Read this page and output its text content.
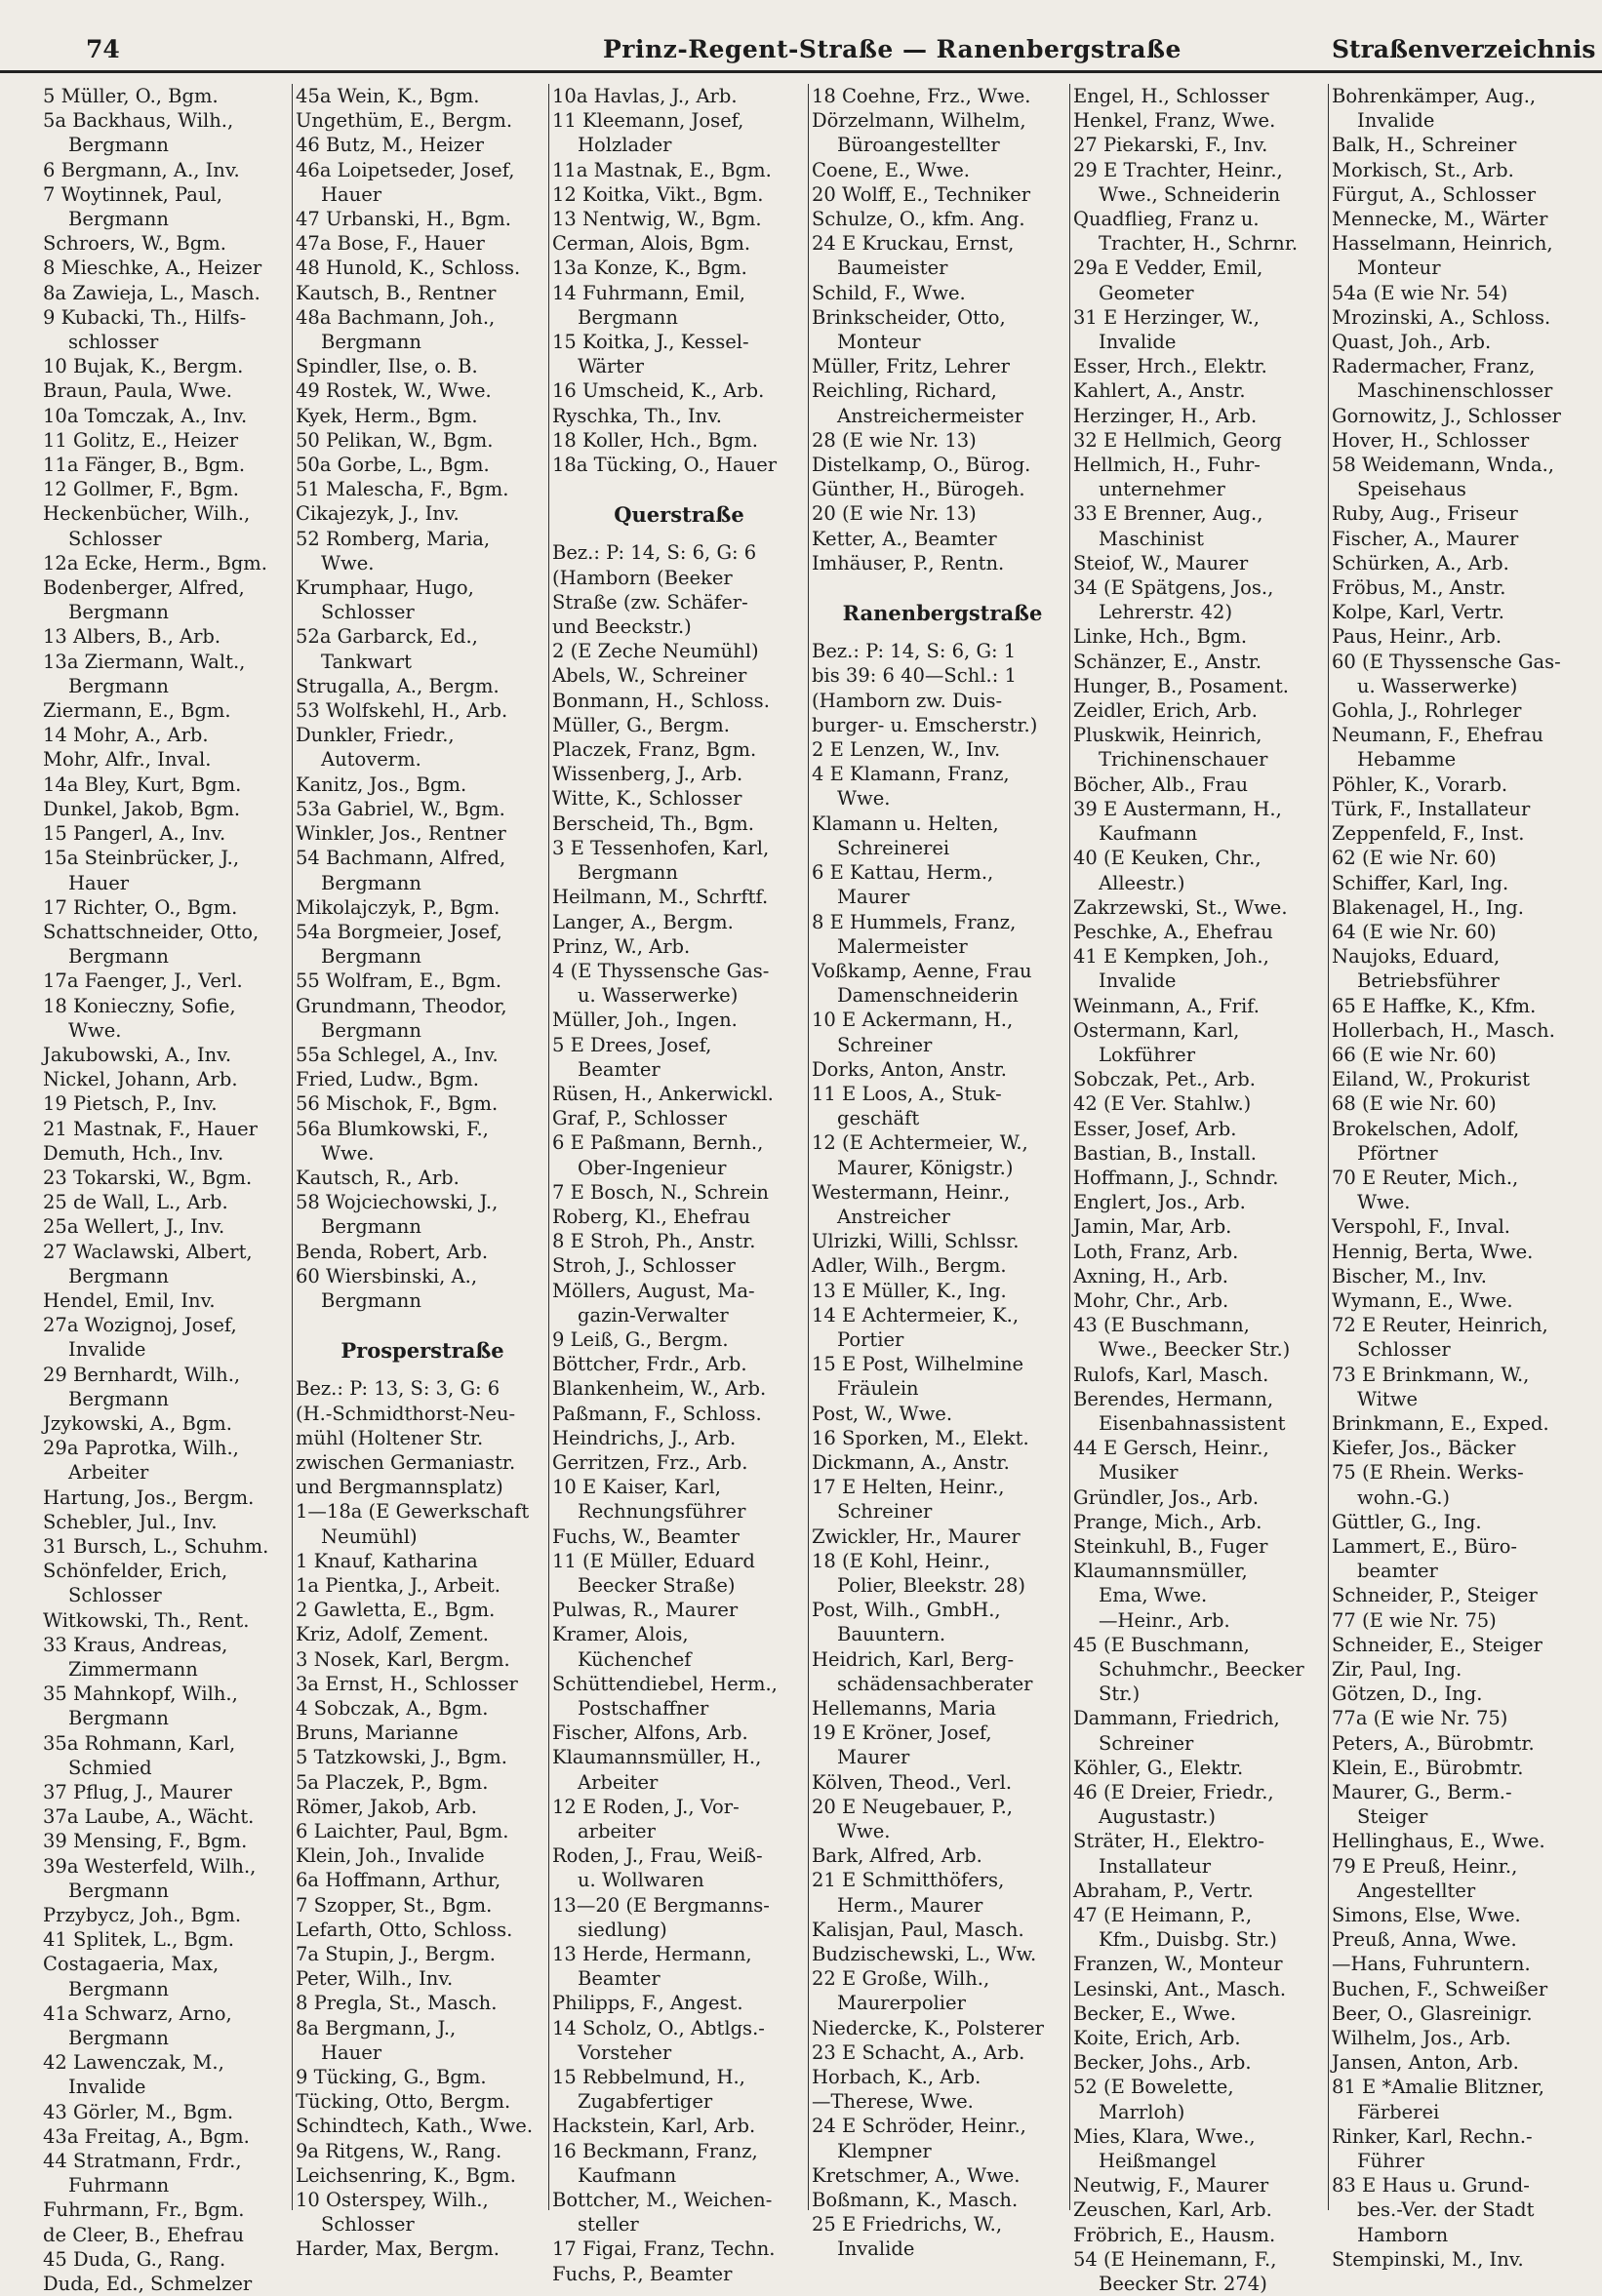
74	Prinz-Regent-Straße — Ranenbergstraße	Straßenverzeichnis
5 Müller, O., Bgm.
5a Backhaus, Wilh.,
Bergmann
6 Bergmann, A., Inv.
7 Woytinnek, Paul,
Bergmann
Schroers, W., Bgm.
8 Mieschke, A., Heizer
8a Zawieja, L., Masch.
9 Kubacki, Th., Hilfs-
schlosser
10 Bujak, K., Bergm.
Braun, Paula, Wwe.
10a Tomczak, A., Inv.
11 Golitz, E., Heizer
11a Fänger, B., Bgm.
12 Gollmer, F., Bgm.
Heckenbücher, Wilh.,
Schlosser
12a Ecke, Herm., Bgm.
Bodenberger, Alfred,
Bergmann
13 Albers, B., Arb.
13a Ziermann, Walt.,
Bergmann
Ziermann, E., Bgm.
14 Mohr, A., Arb.
Mohr, Alfr., Inval.
14a Bley, Kurt, Bgm.
Dunkel, Jakob, Bgm.
15 Pangerl, A., Inv.
15a Steinbrücker, J.,
Hauer
17 Richter, O., Bgm.
Schattschneider, Otto,
Bergmann
17a Faenger, J., Verl.
18 Konieczny, Sofie,
Wwe.
Jakubowski, A., Inv.
Nickel, Johann, Arb.
19 Pietsch, P., Inv.
21 Mastnak, F., Hauer
Demuth, Hch., Inv.
23 Tokarski, W., Bgm.
25 de Wall, L., Arb.
25a Wellert, J., Inv.
27 Waclawski, Albert,
Bergmann
Hendel, Emil, Inv.
27a Wozignoj, Josef,
Invalide
29 Bernhardt, Wilh.,
Bergmann
Jzykowski, A., Bgm.
29a Paprotka, Wilh.,
Arbeiter
Hartung, Jos., Bergm.
Schebler, Jul., Inv.
31 Bursch, L., Schuhm.
Schönfelder, Erich,
Schlosser
Witkowski, Th., Rent.
33 Kraus, Andreas,
Zimmermann
35 Mahnkopf, Wilh.,
Bergmann
35a Rohmann, Karl,
Schmied
37 Pflug, J., Maurer
37a Laube, A., Wächt.
39 Mensing, F., Bgm.
39a Westerfeld, Wilh.,
Bergmann
Przybycz, Joh., Bgm.
41 Splitek, L., Bgm.
Costagaeria, Max,
Bergmann
41a Schwarz, Arno,
Bergmann
42 Lawenczak, M.,
Invalide
43 Görler, M., Bgm.
43a Freitag, A., Bgm.
44 Stratmann, Frdr.,
Fuhrmann
Fuhrmann, Fr., Bgm.
de Cleer, B., Ehefrau
45 Duda, G., Rang.
Duda, Ed., Schmelzer
45a Wein, K., Bgm.
Ungethüm, E., Bergm.
46 Butz, M., Heizer
46a Loipetseder, Josef,
Hauer
47 Urbanski, H., Bgm.
47a Bose, F., Hauer
48 Hunold, K., Schloss.
Kautsch, B., Rentner
48a Bachmann, Joh.,
Bergmann
Spindler, Ilse, o. B.
49 Rostek, W., Wwe.
Kyek, Herm., Bgm.
50 Pelikan, W., Bgm.
50a Gorbe, L., Bgm.
51 Malescha, F., Bgm.
Cikajezyk, J., Inv.
52 Romberg, Maria,
Wwe.
Krumphaar, Hugo,
Schlosser
52a Garbarck, Ed.,
Tankwart
Strugalla, A., Bergm.
53 Wolfskehl, H., Arb.
Dunkler, Friedr.,
Autoverm.
Kanitz, Jos., Bgm.
53a Gabriel, W., Bgm.
Winkler, Jos., Rentner
54 Bachmann, Alfred,
Bergmann
Mikolajczyk, P., Bgm.
54a Borgmeier, Josef,
Bergmann
55 Wolfram, E., Bgm.
Grundmann, Theodor,
Bergmann
55a Schlegel, A., Inv.
Fried, Ludw., Bgm.
56 Mischok, F., Bgm.
56a Blumkowski, F.,
Wwe.
Kautsch, R., Arb.
58 Wojciechowski, J.,
Bergmann
Benda, Robert, Arb.
60 Wiersbinski, A.,
Bergmann
Prosperstraße
Bez.: P: 13, S: 3, G: 6
(H.-Schmidthorst-Neu-
mühl (Holtener Str.
zwischen Germaniastr.
und Bergmannsplatz)
1—18a (E Gewerkschaft
Neumühl)
1 Knauf, Katharina
1a Pientka, J., Arbeit.
2 Gawletta, E., Bgm.
Kriz, Adolf, Zement.
3 Nosek, Karl, Bergm.
3a Ernst, H., Schlosser
4 Sobczak, A., Bgm.
Bruns, Marianne
5 Tatzkowski, J., Bgm.
5a Placzek, P., Bgm.
Römer, Jakob, Arb.
6 Laichter, Paul, Bgm.
Klein, Joh., Invalide
6a Hoffmann, Arthur,
7 Szopper, St., Bgm.
Lefarth, Otto, Schloss.
7a Stupin, J., Bergm.
Peter, Wilh., Inv.
8 Pregla, St., Masch.
8a Bergmann, J.,
Hauer
9 Tücking, G., Bgm.
Tücking, Otto, Bergm.
Schindtech, Kath., Wwe.
9a Ritgens, W., Rang.
Leichsenring, K., Bgm.
10 Osterspey, Wilh.,
Schlosser
Harder, Max, Bergm.
10a Havlas, J., Arb.
11 Kleemann, Josef,
Holzlader
11a Mastnak, E., Bgm.
12 Koitka, Vikt., Bgm.
13 Nentwig, W., Bgm.
Cerman, Alois, Bgm.
13a Konze, K., Bgm.
14 Fuhrmann, Emil,
Bergmann
15 Koitka, J., Kessel-
Wärter
16 Umscheid, K., Arb.
Ryschka, Th., Inv.
18 Koller, Hch., Bgm.
18a Tücking, O., Hauer
Querstraße
Bez.: P: 14, S: 6, G: 6
(Hamborn (Beeker
Straße (zw. Schäfer-
und Beeckstr.)
2 (E Zeche Neumühl)
Abels, W., Schreiner
Bonmann, H., Schloss.
Müller, G., Bergm.
Placzek, Franz, Bgm.
Wissenberg, J., Arb.
Witte, K., Schlosser
Berscheid, Th., Bgm.
3 E Tessenhofen, Karl,
Bergmann
Heilmann, M., Schrftf.
Langer, A., Bergm.
Prinz, W., Arb.
4 (E Thyssensche Gas-
u. Wasserwerke)
Müller, Joh., Ingen.
5 E Drees, Josef,
Beamter
Rüsen, H., Ankerwickl.
Graf, P., Schlosser
6 E Paßmann, Bernh.,
Ober-Ingenieur
7 E Bosch, N., Schrein
Roberg, Kl., Ehefrau
8 E Stroh, Ph., Anstr.
Stroh, J., Schlosser
Möllers, August, Ma-
gazin-Verwalter
9 Leiß, G., Bergm.
Böttcher, Frdr., Arb.
Blankenheim, W., Arb.
Paßmann, F., Schloss.
Heindrichs, J., Arb.
Gerritzen, Frz., Arb.
10 E Kaiser, Karl,
Rechnungsführer
Fuchs, W., Beamter
11 (E Müller, Eduard
Beecker Straße)
Pulwas, R., Maurer
Kramer, Alois,
Küchenchef
Schüttendiebel, Herm.,
Postschaffner
Fischer, Alfons, Arb.
Klaumannsmüller, H.,
Arbeiter
12 E Roden, J., Vor-
arbeiter
Roden, J., Frau, Weiß-
u. Wollwaren
13—20 (E Bergmanns-
siedlung)
13 Herde, Hermann,
Beamter
Philipps, F., Angest.
14 Scholz, O., Abtlgs.-
Vorsteher
15 Rebbelmund, H.,
Zugabfertiger
Hackstein, Karl, Arb.
16 Beckmann, Franz,
Kaufmann
Bottcher, M., Weichen-
steller
17 Figai, Franz, Techn.
Fuchs, P., Beamter
18 Coehne, Frz., Wwe.
Dörzelmann, Wilhelm,
Büroangestellter
Coene, E., Wwe.
20 Wolff, E., Techniker
Schulze, O., kfm. Ang.
24 E Kruckau, Ernst,
Baumeister
Schild, F., Wwe.
Brinkscheider, Otto,
Monteur
Müller, Fritz, Lehrer
Reichling, Richard,
Anstreichermeister
28 (E wie Nr. 13)
Distelkamp, O., Bürog.
Günther, H., Bürogeh.
20 (E wie Nr. 13)
Ketter, A., Beamter
Imhäuser, P., Rentn.
Ranenbergstraße
Bez.: P: 14, S: 6, G: 1
bis 39: 6 40—Schl.: 1
(Hamborn zw. Duis-
burger- u. Emscherstr.)
2 E Lenzen, W., Inv.
4 E Klamann, Franz,
Wwe.
Klamann u. Helten,
Schreinerei
6 E Kattau, Herm.,
Maurer
8 E Hummels, Franz,
Malermeister
Voßkamp, Aenne, Frau
Damenschneiderin
10 E Ackermann, H.,
Schreiner
Dorks, Anton, Anstr.
11 E Loos, A., Stuk-
geschäft
12 (E Achtermeier, W.,
Maurer, Königstr.)
Westermann, Heinr.,
Anstreicher
Ulrizki, Willi, Schlssr.
Adler, Wilh., Bergm.
13 E Müller, K., Ing.
14 E Achtermeier, K.,
Portier
15 E Post, Wilhelmine
Fräulein
Post, W., Wwe.
16 Sporken, M., Elekt.
Dickmann, A., Anstr.
17 E Helten, Heinr.,
Schreiner
Zwickler, Hr., Maurer
18 (E Kohl, Heinr.,
Polier, Bleekstr. 28)
Post, Wilh., GmbH.,
Bauuntern.
Heidrich, Karl, Berg-
schädensachberater
Hellemanns, Maria
19 E Kröner, Josef,
Maurer
Kölven, Theod., Verl.
20 E Neugebauer, P.,
Wwe.
Bark, Alfred, Arb.
21 E Schmitthöfers,
Herm., Maurer
Kalisjan, Paul, Masch.
Budzischewski, L., Ww.
22 E Große, Wilh.,
Maurerpolier
Niedercke, K., Polsterer
23 E Schacht, A., Arb.
Horbach, K., Arb.
—Therese, Wwe.
24 E Schröder, Heinr.,
Klempner
Kretschmer, A., Wwe.
Boßmann, K., Masch.
25 E Friedrichs, W.,
Invalide
Engel, H., Schlosser
Henkel, Franz, Wwe.
27 Piekarski, F., Inv.
29 E Trachter, Heinr.,
Wwe., Schneiderin
Quadflieg, Franz u.
Trachter, H., Schrnr.
29a E Vedder, Emil,
Geometer
31 E Herzinger, W.,
Invalide
Esser, Hrch., Elektr.
Kahlert, A., Anstr.
Herzinger, H., Arb.
32 E Hellmich, Georg
Hellmich, H., Fuhr-
unternehmer
33 E Brenner, Aug.,
Maschinist
Steiof, W., Maurer
34 (E Spätgens, Jos.,
Lehrerstr. 42)
Linke, Hch., Bgm.
Schänzer, E., Anstr.
Hunger, B., Posament.
Zeidler, Erich, Arb.
Pluskwik, Heinrich,
Trichinenschauer
Böcher, Alb., Frau
39 E Austermann, H.,
Kaufmann
40 (E Keuken, Chr.,
Alleestr.)
Zakrzewski, St., Wwe.
Peschke, A., Ehefrau
41 E Kempken, Joh.,
Invalide
Weinmann, A., Frif.
Ostermann, Karl,
Lokführer
Sobczak, Pet., Arb.
42 (E Ver. Stahlw.)
Esser, Josef, Arb.
Bastian, B., Install.
Hoffmann, J., Schndr.
Englert, Jos., Arb.
Jamin, Mar, Arb.
Loth, Franz, Arb.
Axning, H., Arb.
Mohr, Chr., Arb.
43 (E Buschmann,
Wwe., Beecker Str.)
Rulofs, Karl, Masch.
Berendes, Hermann,
Eisenbahnassistent
44 E Gersch, Heinr.,
Musiker
Gründler, Jos., Arb.
Prange, Mich., Arb.
Steinkuhl, B., Fuger
Klaumannsmüller,
Ema, Wwe.
—Heinr., Arb.
45 (E Buschmann,
Schuhmchr., Beecker
Str.)
Dammann, Friedrich,
Schreiner
Köhler, G., Elektr.
46 (E Dreier, Friedr.,
Augustastr.)
Sträter, H., Elektro-
Installateur
Abraham, P., Vertr.
47 (E Heimann, P.,
Kfm., Duisbg. Str.)
Franzen, W., Monteur
Lesinski, Ant., Masch.
Becker, E., Wwe.
Koite, Erich, Arb.
Becker, Johs., Arb.
52 (E Bowelette,
Marrloh)
Mies, Klara, Wwe.,
Heißmangel
Neutwig, F., Maurer
Zeuschen, Karl, Arb.
Fröbrich, E., Hausm.
54 (E Heinemann, F.,
Beecker Str. 274)
Bohrenkämper, Aug.,
Invalide
Balk, H., Schreiner
Morkisch, St., Arb.
Fürgut, A., Schlosser
Mennecke, M., Wärter
Hasselmann, Heinrich,
Monteur
54a (E wie Nr. 54)
Mrozinski, A., Schloss.
Quast, Joh., Arb.
Radermacher, Franz,
Maschinenschlosser
Gornowitz, J., Schlosser
Hover, H., Schlosser
58 Weidemann, Wnda.,
Speisehaus
Ruby, Aug., Friseur
Fischer, A., Maurer
Schürken, A., Arb.
Fröbus, M., Anstr.
Kolpe, Karl, Vertr.
Paus, Heinr., Arb.
60 (E Thyssensche Gas-
u. Wasserwerke)
Gohla, J., Rohrleger
Neumann, F., Ehefrau
Hebamme
Pöhler, K., Vorarb.
Türk, F., Installateur
Zeppenfeld, F., Inst.
62 (E wie Nr. 60)
Schiffer, Karl, Ing.
Blakenagel, H., Ing.
64 (E wie Nr. 60)
Naujoks, Eduard,
Betriebsführer
65 E Haffke, K., Kfm.
Hollerbach, H., Masch.
66 (E wie Nr. 60)
Eiland, W., Prokurist
68 (E wie Nr. 60)
Brokelschen, Adolf,
Pförtner
70 E Reuter, Mich.,
Wwe.
Verspohl, F., Inval.
Hennig, Berta, Wwe.
Bischer, M., Inv.
Wymann, E., Wwe.
72 E Reuter, Heinrich,
Schlosser
73 E Brinkmann, W.,
Witwe
Brinkmann, E., Exped.
Kiefer, Jos., Bäcker
75 (E Rhein. Werks-
wohn.-G.)
Güttler, G., Ing.
Lammert, E., Büro-
beamter
Schneider, P., Steiger
77 (E wie Nr. 75)
Schneider, E., Steiger
Zir, Paul, Ing.
Götzen, D., Ing.
77a (E wie Nr. 75)
Peters, A., Bürobmtr.
Klein, E., Bürobmtr.
Maurer, G., Berm.-
Steiger
Hellinghaus, E., Wwe.
79 E Preuß, Heinr.,
Angestellter
Simons, Else, Wwe.
Preuß, Anna, Wwe.
—Hans, Fuhruntern.
Buchen, F., Schweißer
Beer, O., Glasreinigr.
Wilhelm, Jos., Arb.
Jansen, Anton, Arb.
81 E *Amalie Blitzner,
Färberei
Rinker, Karl, Rechn.-
Führer
83 E Haus u. Grund-
bes.-Ver. der Stadt
Hamborn
Stempinski, M., Inv.
